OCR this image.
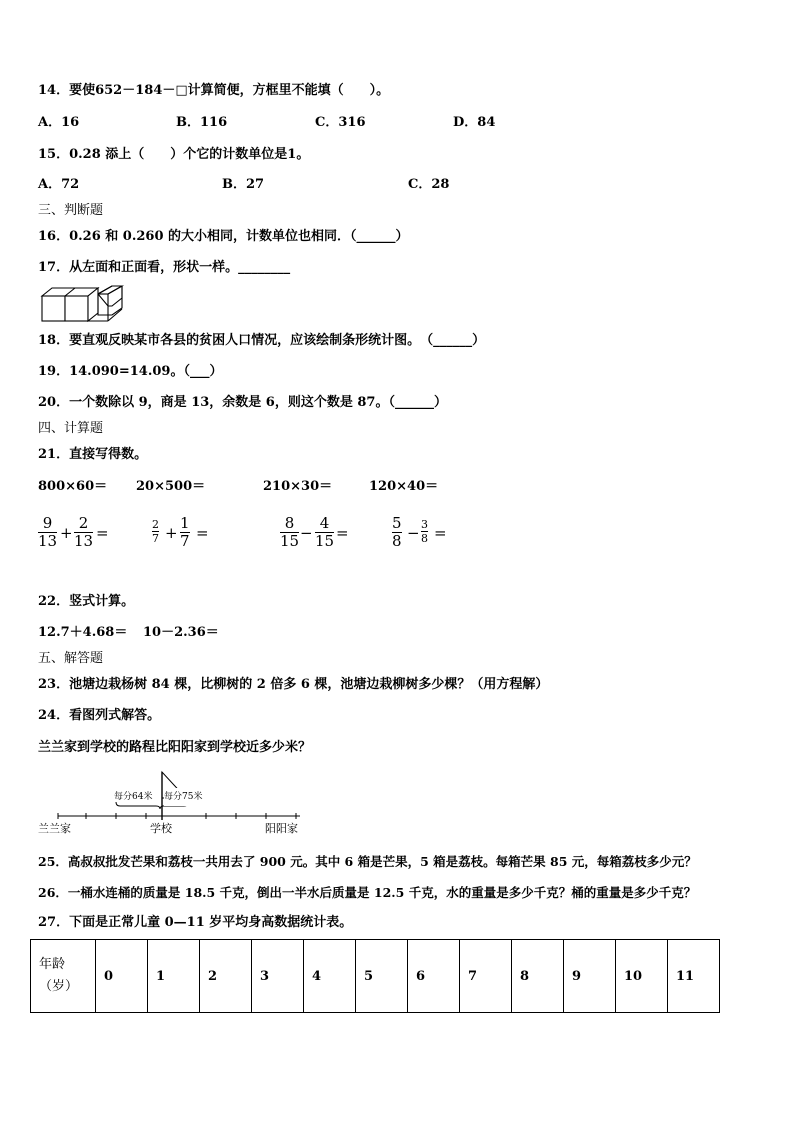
14．要使652－184－□计算简便，方框里不能填（　　）。
A．16	B．116	C．316	D．84
15．0.28 添上（　　）个它的计数单位是1。
A．72	B．27	C．28
三、判断题
16．0.26 和 0.260 的大小相同，计数单位也相同．（______）
17．从左面和正面看，形状一样。________
18．要直观反映某市各县的贫困人口情况，应该绘制条形统计图。　（______）
19．14.090=14.09。（___）
20．一个数除以 9，商是 13，余数是 6，则这个数是 87。（______）
四、计算题
21．直接写得数。
800×60＝ 20×500＝	210×30＝	120×40＝
9
13 +
2
13 =	2
7 +
1
7 =
8
15 −
4
15 =
5
8 − 3
8 =
22．竖式计算。
12.7＋4.68＝ 10－2.36＝
五、解答题
23．池塘边栽杨树 84 棵，比柳树的 2 倍多 6 棵，池塘边栽柳树多少棵？（用方程解）
24．看图列式解答。
兰兰家到学校的路程比阳阳家到学校近多少米？
每分64米 每分75米
兰兰家	学校	阳阳家
25．高叔叔批发芒果和荔枝一共用去了 900 元。其中 6 箱是芒果，5 箱是荔枝。每箱芒果 85 元，每箱荔枝多少元？
26．一桶水连桶的质量是 18.5 千克，倒出一半水后质量是 12.5 千克，水的重量是多少千克？桶的重量是多少千克？
27．下面是正常儿童 0—11 岁平均身高数据统计表。
年龄
（岁）
	0	1	2	3	4	5	6	7	8	9	10	11
